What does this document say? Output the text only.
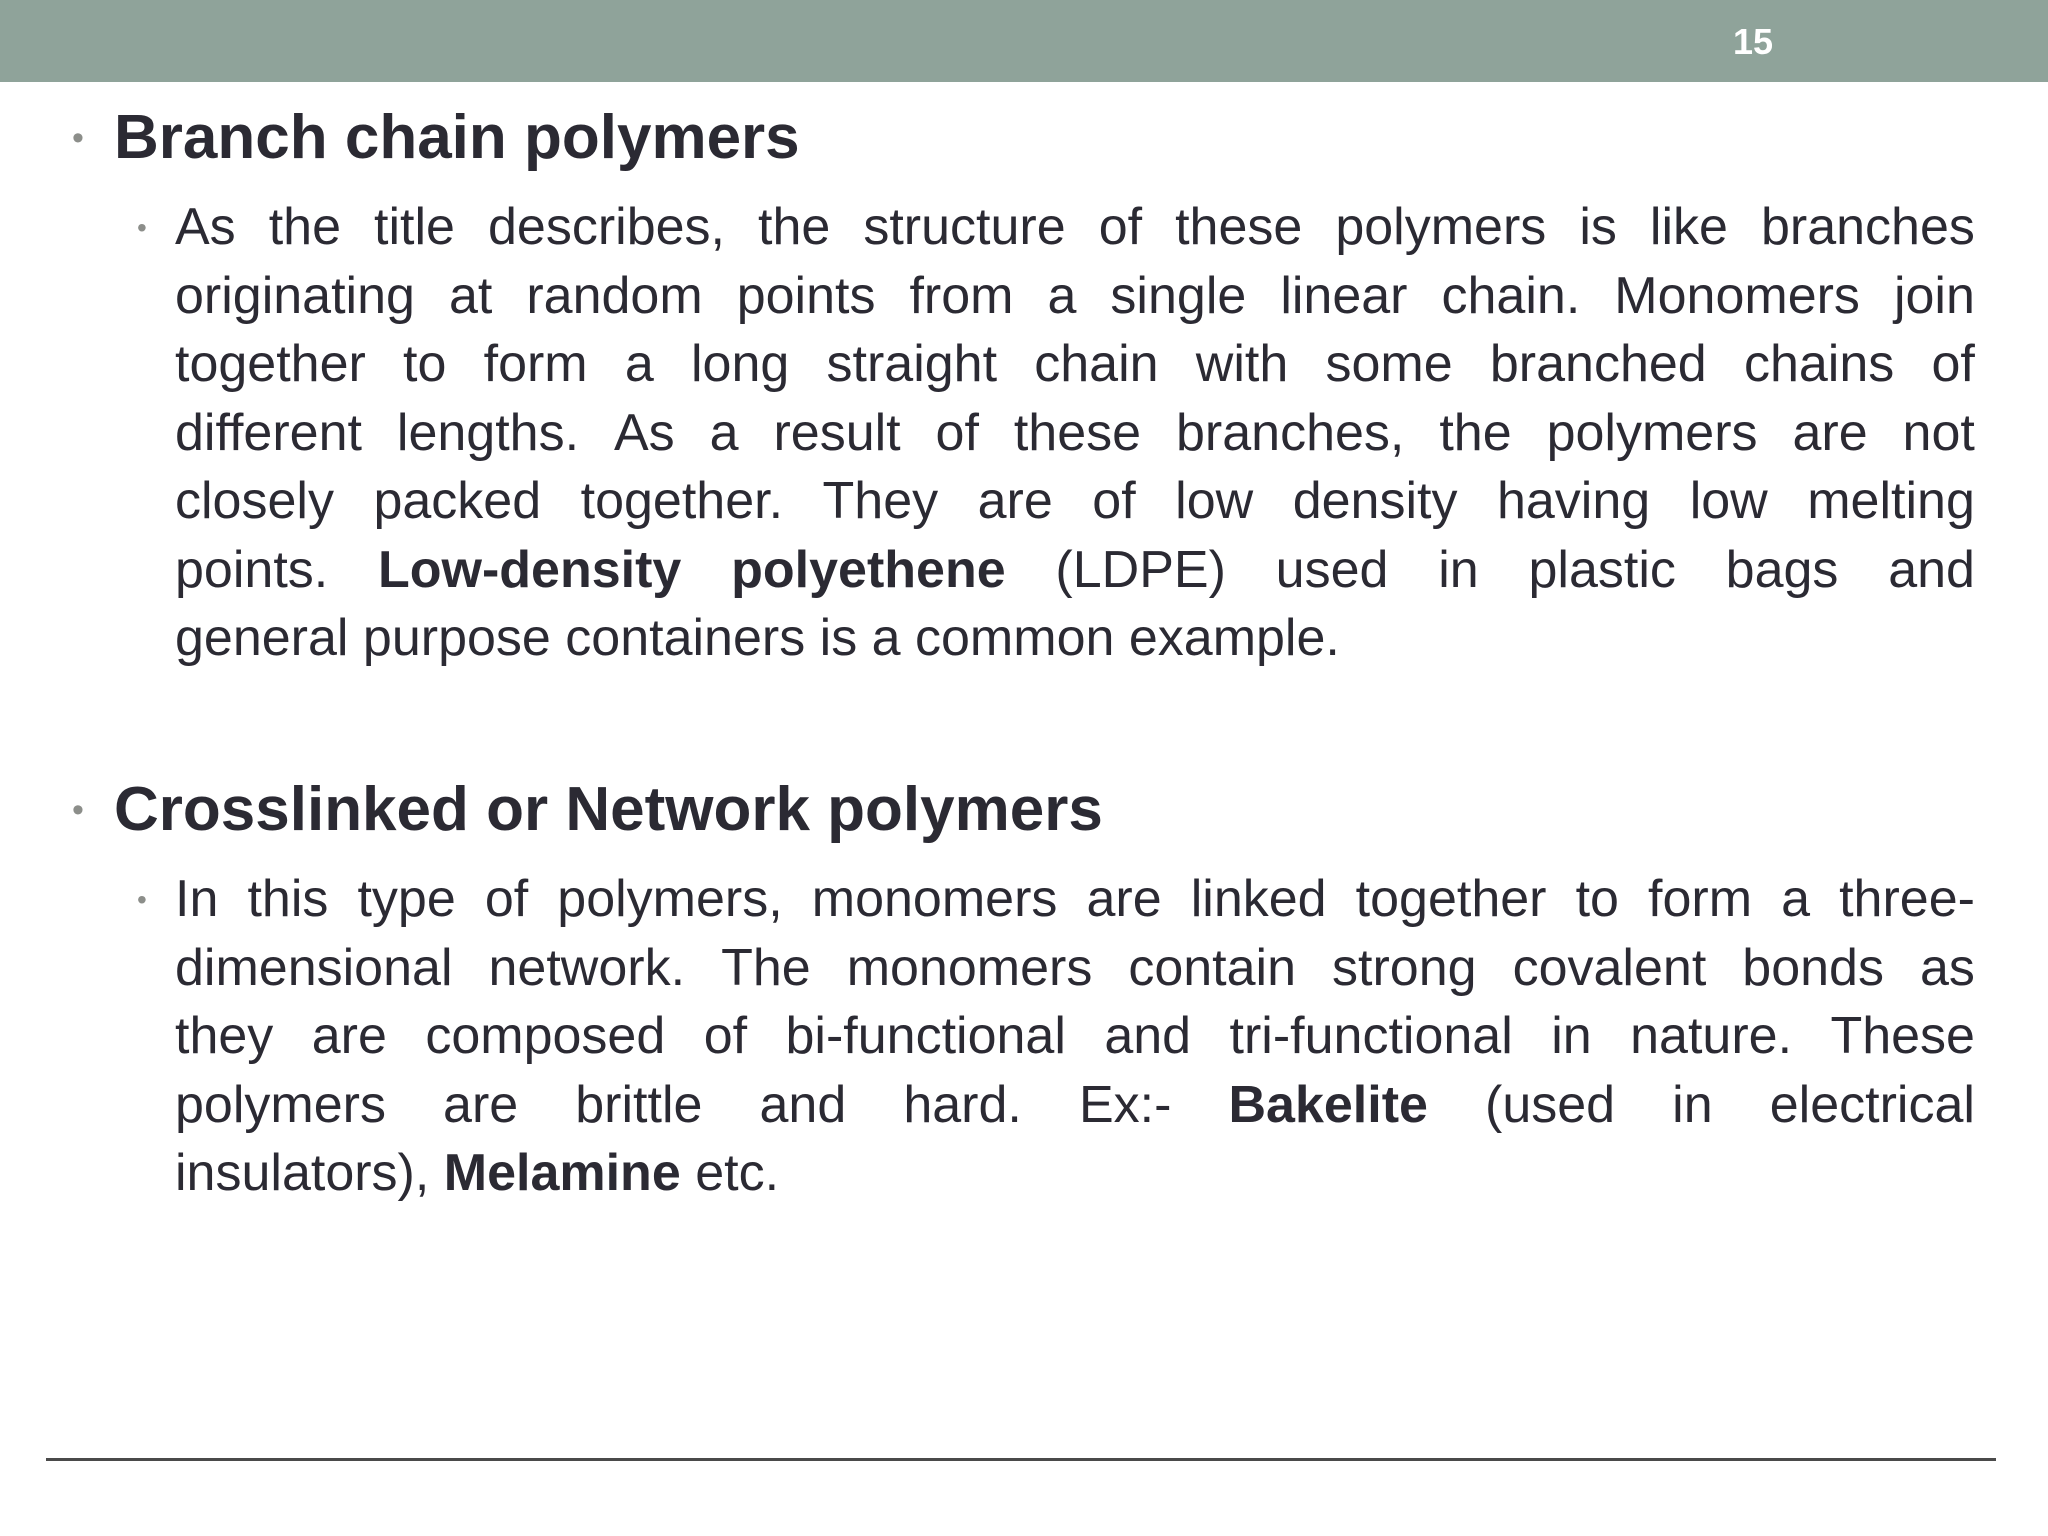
15
• Branch chain polymers
• As the title describes, the structure of these polymers is like branches
originating at random points from a single linear chain. Monomers join
together to form a long straight chain with some branched chains of
different lengths. As a result of these branches, the polymers are not
closely packed together. They are of low density having low melting
points. Low-density polyethene (LDPE) used in plastic bags and
general purpose containers is a common example.
• Crosslinked or Network polymers
• In this type of polymers, monomers are linked together to form a three-
dimensional network. The monomers contain strong covalent bonds as
they are composed of bi-functional and tri-functional in nature. These
polymers are brittle and hard. Ex:- Bakelite (used in electrical
insulators), Melamine etc.
